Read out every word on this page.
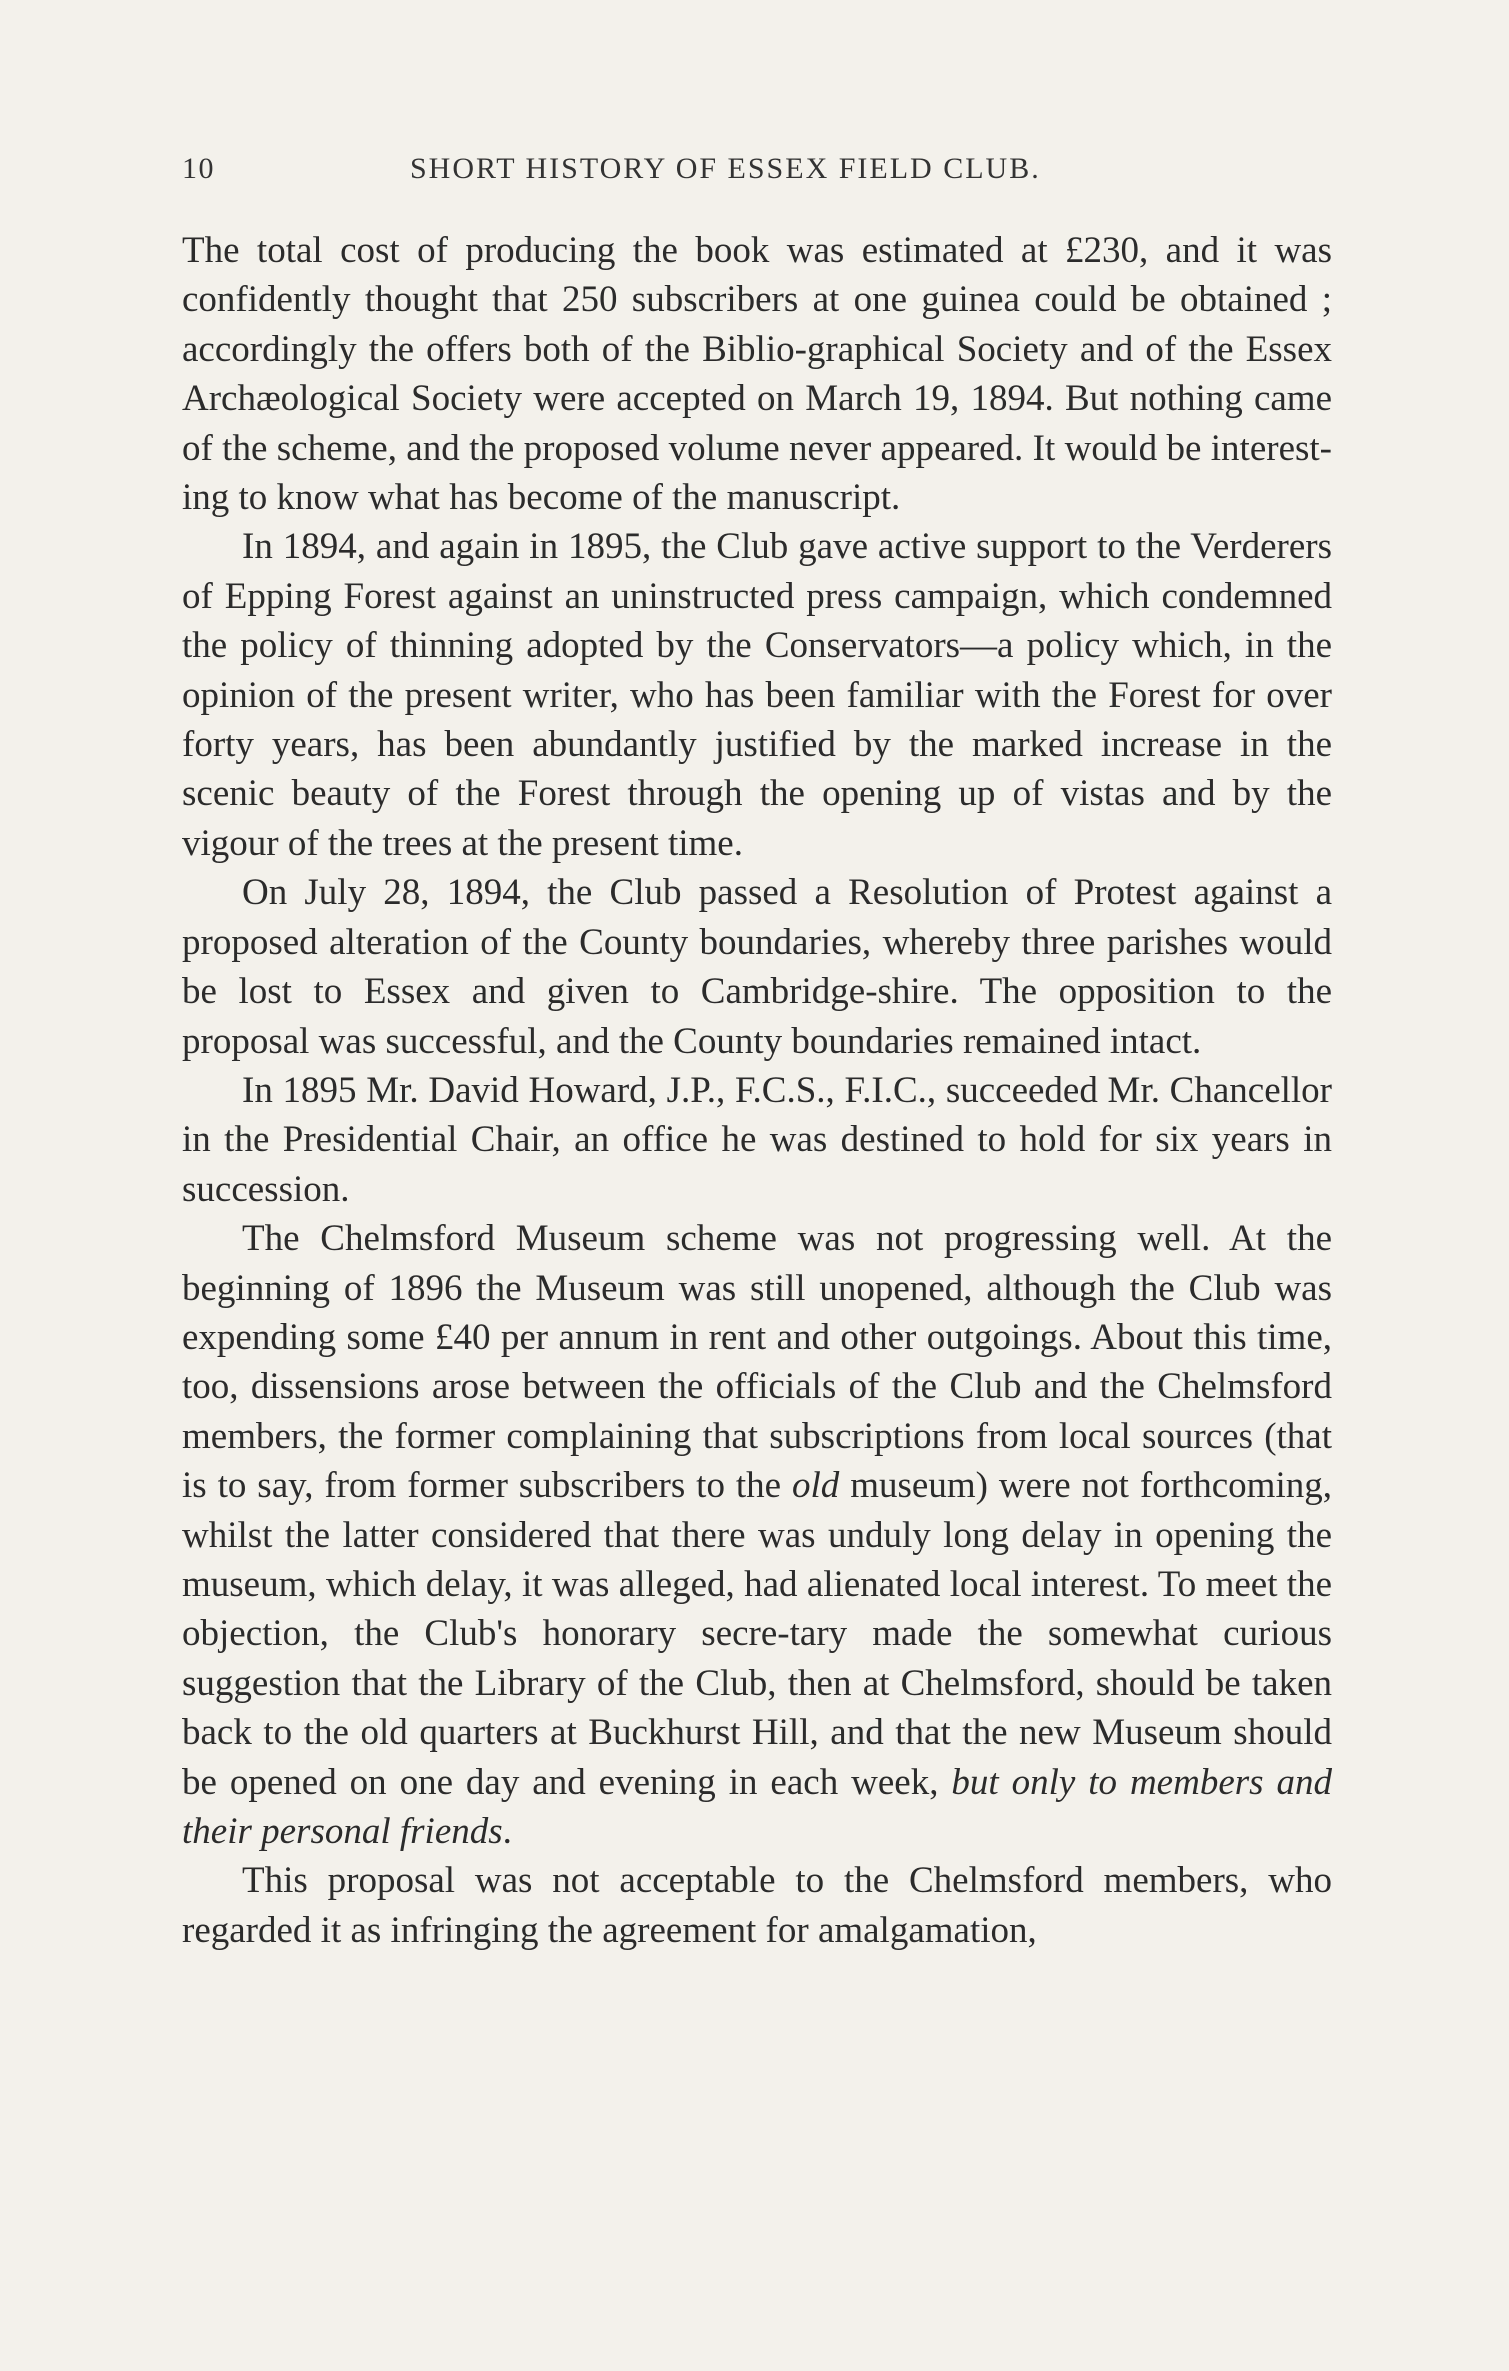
10	SHORT HISTORY OF ESSEX FIELD CLUB.

The total cost of producing the book was estimated at £230, and it was confidently thought that 250 subscribers at one guinea could be obtained ; accordingly the offers both of the Biblio-graphical Society and of the Essex Archæological Society were accepted on March 19, 1894. But nothing came of the scheme, and the proposed volume never appeared. It would be interest-ing to know what has become of the manuscript.

In 1894, and again in 1895, the Club gave active support to the Verderers of Epping Forest against an uninstructed press campaign, which condemned the policy of thinning adopted by the Conservators—a policy which, in the opinion of the present writer, who has been familiar with the Forest for over forty years, has been abundantly justified by the marked increase in the scenic beauty of the Forest through the opening up of vistas and by the vigour of the trees at the present time.

On July 28, 1894, the Club passed a Resolution of Protest against a proposed alteration of the County boundaries, whereby three parishes would be lost to Essex and given to Cambridge-shire. The opposition to the proposal was successful, and the County boundaries remained intact.

In 1895 Mr. David Howard, J.P., F.C.S., F.I.C., succeeded Mr. Chancellor in the Presidential Chair, an office he was destined to hold for six years in succession.

The Chelmsford Museum scheme was not progressing well. At the beginning of 1896 the Museum was still unopened, although the Club was expending some £40 per annum in rent and other outgoings. About this time, too, dissensions arose between the officials of the Club and the Chelmsford members, the former complaining that subscriptions from local sources (that is to say, from former subscribers to the old museum) were not forthcoming, whilst the latter considered that there was unduly long delay in opening the museum, which delay, it was alleged, had alienated local interest. To meet the objection, the Club's honorary secre-tary made the somewhat curious suggestion that the Library of the Club, then at Chelmsford, should be taken back to the old quarters at Buckhurst Hill, and that the new Museum should be opened on one day and evening in each week, but only to members and their personal friends.

This proposal was not acceptable to the Chelmsford members, who regarded it as infringing the agreement for amalgamation,
